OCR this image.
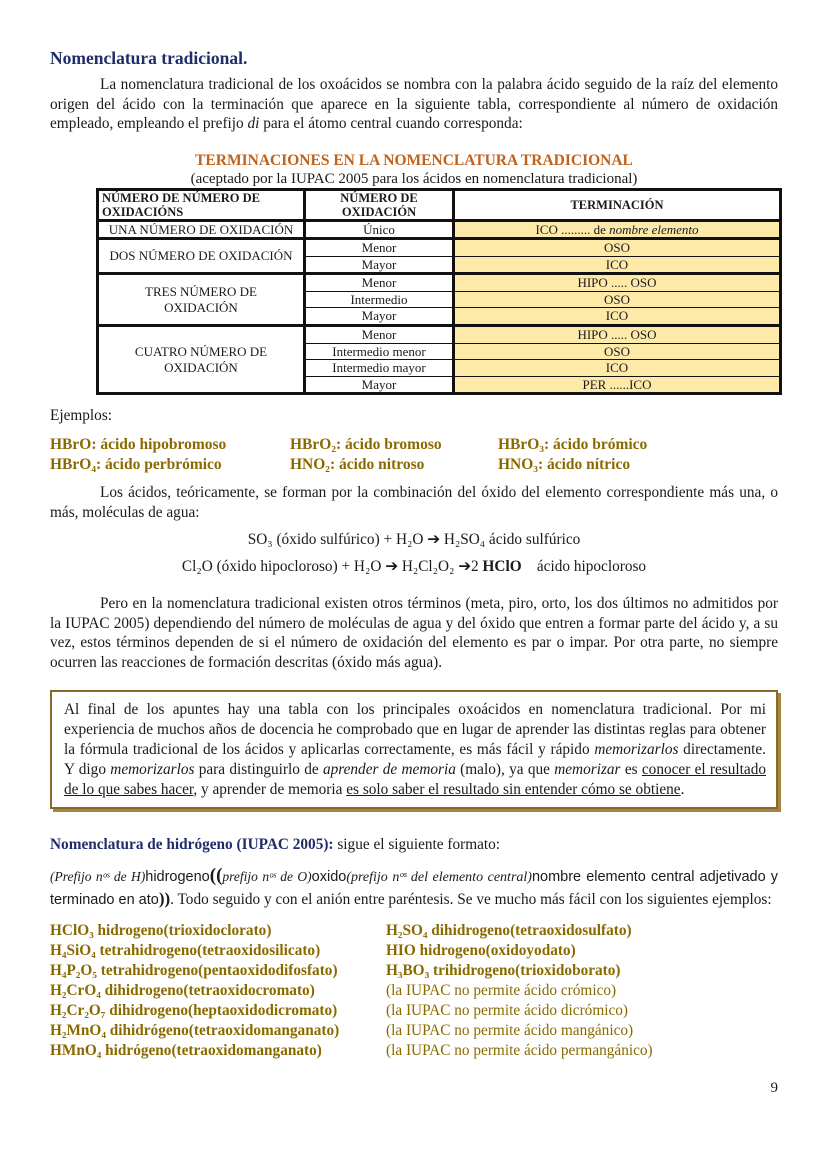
Nomenclatura tradicional.

La nomenclatura tradicional de los oxoácidos se nombra con la palabra ácido seguido de la raíz del elemento origen del ácido con la terminación que aparece en la siguiente tabla, correspondiente al número de oxidación empleado, empleando el prefijo di para el átomo central cuando corresponda:

TERMINACIONES EN LA NOMENCLATURA TRADICIONAL
(aceptado por la IUPAC 2005 para los ácidos en nomenclatura tradicional)
NÚMERO DE NÚMERO DE OXIDACIÓNS	NÚMERO DE OXIDACIÓN	TERMINACIÓN
UNA NÚMERO DE OXIDACIÓN	Único	ICO ......... de nombre elemento
DOS NÚMERO DE OXIDACIÓN	Menor	OSO
	Mayor	ICO
TRES NÚMERO DE OXIDACIÓN	Menor	HIPO ..... OSO
	Intermedio	OSO
	Mayor	ICO
CUATRO NÚMERO DE OXIDACIÓN	Menor	HIPO ..... OSO
	Intermedio menor	OSO
	Intermedio mayor	ICO
	Mayor	PER ......ICO
Ejemplos:
HBrO: ácido hipobromoso	HBrO₂: ácido bromoso	HBrO₃: ácido brómico
HBrO₄: ácido perbrómico	HNO₂: ácido nitroso	HNO₃: ácido nítrico

Los ácidos, teóricamente, se forman por la combinación del óxido del elemento correspondiente más una, o más, moléculas de agua:

SO₃ (óxido sulfúrico) + H₂O ➔ H₂SO₄ ácido sulfúrico

Cl₂O (óxido hipocloroso) + H₂O ➔ H₂Cl₂O₂ ➔2 HClO    ácido hipocloroso

Pero en la nomenclatura tradicional existen otros términos (meta, piro, orto, los dos últimos no admitidos por la IUPAC 2005) dependiendo del número de moléculas de agua y del óxido que entren a formar parte del ácido y, a su vez, estos términos dependen de si el número de oxidación del elemento es par o impar. Por otra parte, no siempre ocurren las reacciones de formación descritas (óxido más agua).

Al final de los apuntes hay una tabla con los principales oxoácidos en nomenclatura tradicional. Por mi experiencia de muchos años de docencia he comprobado que en lugar de aprender las distintas reglas para obtener la fórmula tradicional de los ácidos y aplicarlas correctamente, es más fácil y rápido memorizarlos directamente. Y digo memorizarlos para distinguirlo de aprender de memoria (malo), ya que memorizar es conocer el resultado de lo que sabes hacer, y aprender de memoria es solo saber el resultado sin entender cómo se obtiene.

Nomenclatura de hidrógeno (IUPAC 2005): sigue el siguiente formato:

(Prefijo nᵒˢ de H)hidrogeno((prefijo nᵒˢ de O)oxido(prefijo nᵒˢ del elemento central)nombre elemento central adjetivado y terminado en ato)). Todo seguido y con el anión entre paréntesis. Se ve mucho más fácil con los siguientes ejemplos:

HClO₃ hidrogeno(trioxidoclorato)	H₂SO₄ dihidrogeno(tetraoxidosulfato)
H₄SiO₄ tetrahidrogeno(tetraoxidosilicato)	HIO hidrogeno(oxidoyodato)
H₄P₂O₅ tetrahidrogeno(pentaoxidodifosfato)	H₃BO₃ trihidrogeno(trioxidoborato)
H₂CrO₄ dihidrogeno(tetraoxidocromato)	(la IUPAC no permite ácido crómico)
H₂Cr₂O₇ dihidrogeno(heptaoxidodicromato)	(la IUPAC no permite ácido dicrómico)
H₂MnO₄ dihidrógeno(tetraoxidomanganato)	(la IUPAC no permite ácido mangánico)
HMnO₄ hidrógeno(tetraoxidomanganato)	(la IUPAC no permite ácido permangánico)
9
